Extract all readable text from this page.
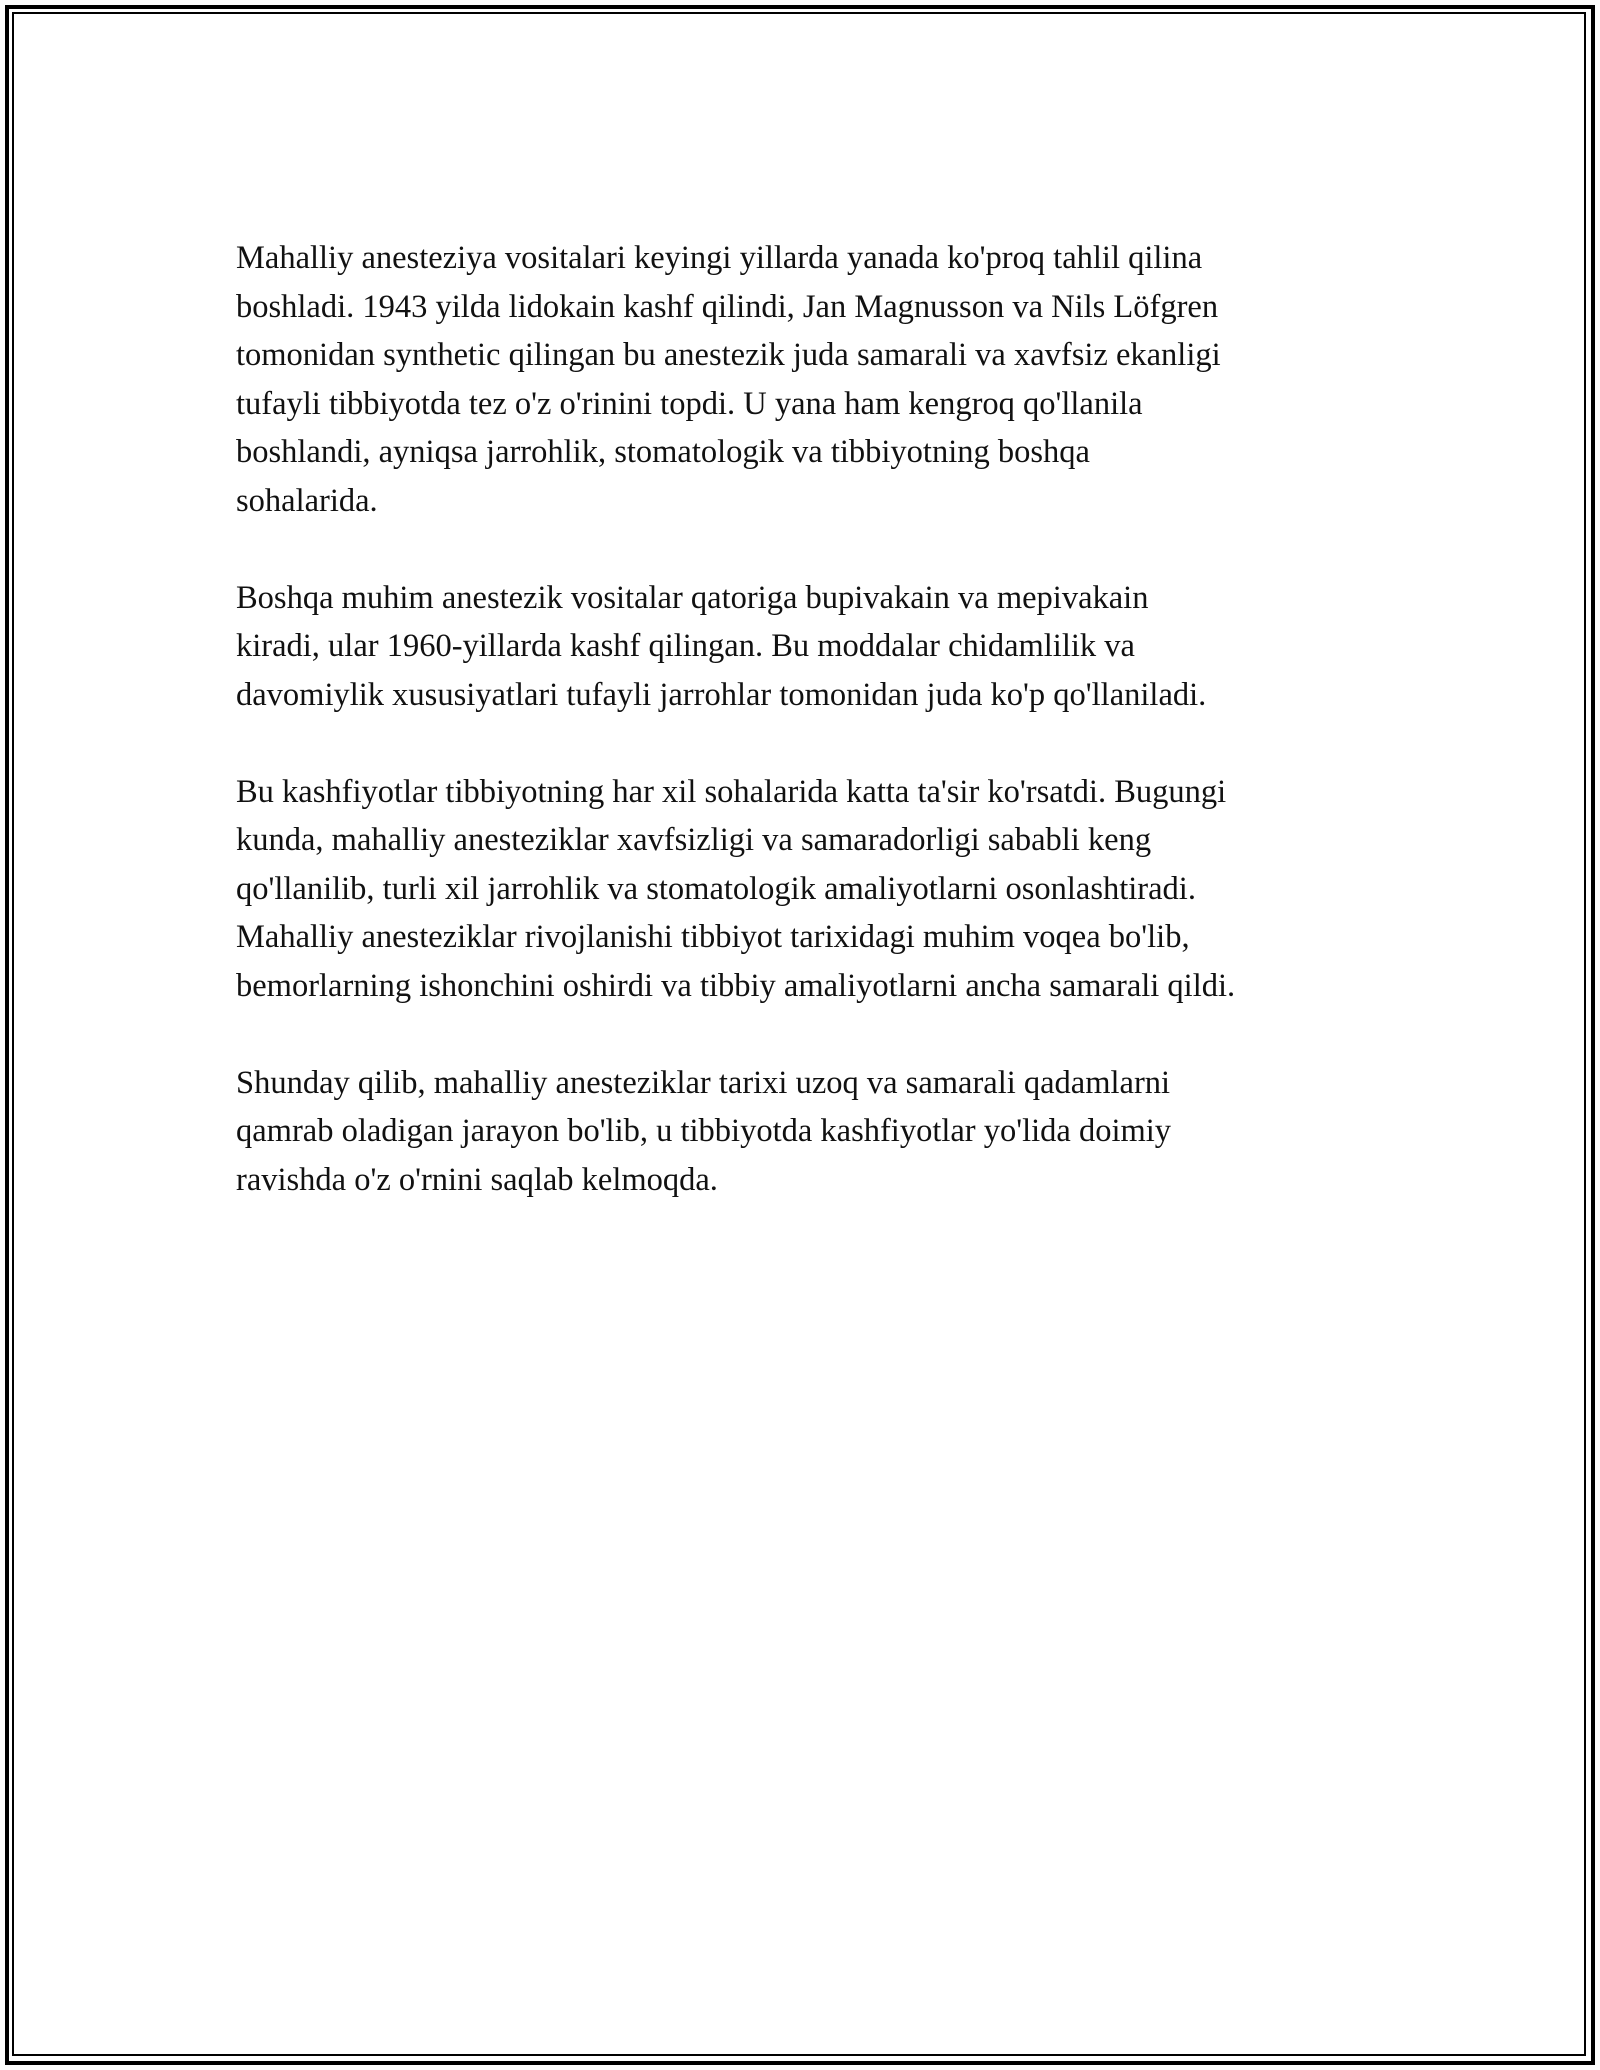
Mahalliy anesteziya vositalari keyingi yillarda yanada ko'proq tahlil qilina
boshladi. 1943 yilda lidokain kashf qilindi, Jan Magnusson va Nils Löfgren
tomonidan synthetic qilingan bu anestezik juda samarali va xavfsiz ekanligi
tufayli tibbiyotda tez o'z o'rinini topdi. U yana ham kengroq qo'llanila
boshlandi, ayniqsa jarrohlik, stomatologik va tibbiyotning boshqa
sohalarida.

Boshqa muhim anestezik vositalar qatoriga bupivakain va mepivakain
kiradi, ular 1960-yillarda kashf qilingan. Bu moddalar chidamlilik va
davomiylik xususiyatlari tufayli jarrohlar tomonidan juda ko'p qo'llaniladi.

Bu kashfiyotlar tibbiyotning har xil sohalarida katta ta'sir ko'rsatdi. Bugungi
kunda, mahalliy anesteziklar xavfsizligi va samaradorligi sababli keng
qo'llanilib, turli xil jarrohlik va stomatologik amaliyotlarni osonlashtiradi.
Mahalliy anesteziklar rivojlanishi tibbiyot tarixidagi muhim voqea bo'lib,
bemorlarning ishonchini oshirdi va tibbiy amaliyotlarni ancha samarali qildi.

Shunday qilib, mahalliy anesteziklar tarixi uzoq va samarali qadamlarni
qamrab oladigan jarayon bo'lib, u tibbiyotda kashfiyotlar yo'lida doimiy
ravishda o'z o'rnini saqlab kelmoqda.
